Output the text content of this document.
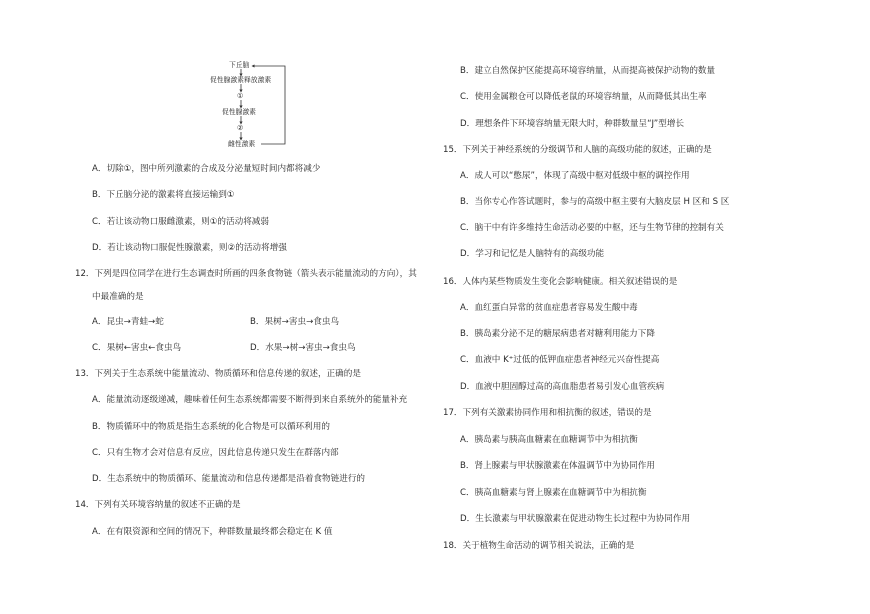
下丘脑
促性腺激素释放激素
①
促性腺激素
②
雌性激素
A．切除①，图中所列激素的合成及分泌量短时间内都将减少
B．下丘脑分泌的激素将直接运输到①
C．若让该动物口服雌激素，则①的活动将减弱
D．若让该动物口服促性腺激素，则②的活动将增强
12．下列是四位同学在进行生态调查时所画的四条食物链（箭头表示能量流动的方向），其
中最准确的是
A．昆虫→青蛙→蛇	B．果树→害虫→食虫鸟
C．果树←害虫←食虫鸟	D．水果→树→害虫→食虫鸟
13．下列关于生态系统中能量流动、物质循环和信息传递的叙述，正确的是
A．能量流动逐级递减，趣味着任何生态系统都需要不断得到来自系统外的能量补充
B．物质循环中的物质是指生态系统的化合物是可以循环利用的
C．只有生物才会对信息有反应，因此信息传递只发生在群落内部
D．生态系统中的物质循环、能量流动和信息传递都是沿着食物链进行的
14．下列有关环境容纳量的叙述不正确的是
A．在有限资源和空间的情况下，种群数量最终都会稳定在 K 值
B．建立自然保护区能提高环境容纳量，从而提高被保护动物的数量
C．使用金属粮仓可以降低老鼠的环境容纳量，从而降低其出生率
D．理想条件下环境容纳量无限大时，种群数量呈“J”型增长
15．下列关于神经系统的分级调节和人脑的高级功能的叙述，正确的是
A．成人可以“憋尿”，体现了高级中枢对低级中枢的调控作用
B．当你专心作答试题时，参与的高级中枢主要有大脑皮层 H 区和 S 区
C．脑干中有许多维持生命活动必要的中枢，还与生物节律的控制有关
D．学习和记忆是人脑特有的高级功能
16．人体内某些物质发生变化会影响健康。相关叙述错误的是
A．血红蛋白异常的贫血症患者容易发生酸中毒
B．胰岛素分泌不足的糖尿病患者对糖利用能力下降
C．血液中 K⁺过低的低钾血症患者神经元兴奋性提高
D．血液中胆固醇过高的高血脂患者易引发心血管疾病
17．下列有关激素协同作用和相抗衡的叙述，错误的是
A．胰岛素与胰高血糖素在血糖调节中为相抗衡
B．肾上腺素与甲状腺激素在体温调节中为协同作用
C．胰高血糖素与肾上腺素在血糖调节中为相抗衡
D．生长激素与甲状腺激素在促进动物生长过程中为协同作用
18．关于植物生命活动的调节相关说法，正确的是
